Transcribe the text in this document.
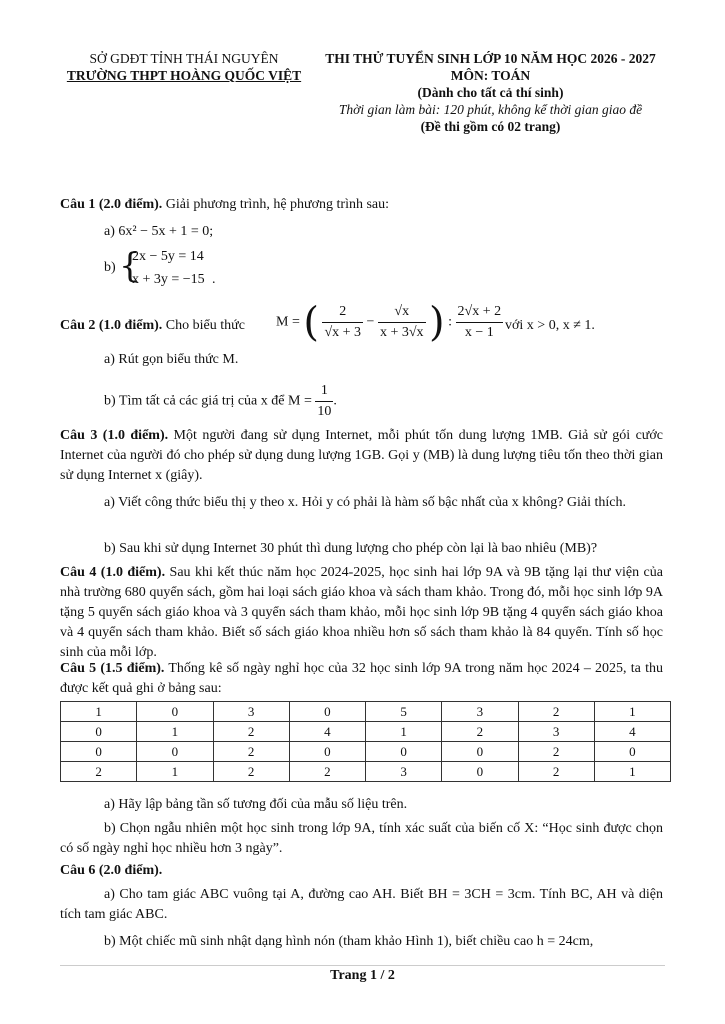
SỞ GDĐT TỈNH THÁI NGUYÊN
TRƯỜNG THPT HOÀNG QUỐC VIỆT
THI THỬ TUYỂN SINH LỚP 10 NĂM HỌC 2026 - 2027
MÔN: TOÁN
(Dành cho tất cả thí sinh)
Thời gian làm bài: 120 phút, không kể thời gian giao đề
(Đề thi gồm có 02 trang)
Câu 1 (2.0 điểm). Giải phương trình, hệ phương trình sau:
a) 6x² − 5x + 1 = 0;
b) {
2x − 5y = 14
x + 3y = −15 .
Câu 2 (1.0 điểm). Cho biểu thức M = ( $\frac{2}{√x + 3} - \frac{√x}{x + 3√x}$ ) : $\frac{2√x + 2}{x - 1}$ với x > 0, x ≠ 1.
a) Rút gọn biểu thức M.
b) Tìm tất cả các giá trị của x để $M = \frac{1}{10}$ .
Câu 3 (1.0 điểm). Một người đang sử dụng Internet, mỗi phút tốn dung lượng 1MB. Giả sử gói cước Internet của người đó cho phép sử dụng dung lượng 1GB. Gọi y (MB) là dung lượng tiêu tốn theo thời gian sử dụng Internet x (giây).
a) Viết công thức biểu thị y theo x. Hỏi y có phải là hàm số bậc nhất của x không? Giải thích.
b) Sau khi sử dụng Internet 30 phút thì dung lượng cho phép còn lại là bao nhiêu (MB)?
Câu 4 (1.0 điểm). Sau khi kết thúc năm học 2024-2025, học sinh hai lớp 9A và 9B tặng lại thư viện của nhà trường 680 quyển sách, gồm hai loại sách giáo khoa và sách tham khảo. Trong đó, mỗi học sinh lớp 9A tặng 5 quyển sách giáo khoa và 3 quyển sách tham khảo, mỗi học sinh lớp 9B tặng 4 quyển sách giáo khoa và 4 quyển sách tham khảo. Biết số sách giáo khoa nhiều hơn số sách tham khảo là 84 quyển. Tính số học sinh của mỗi lớp.
Câu 5 (1.5 điểm). Thống kê số ngày nghỉ học của 32 học sinh lớp 9A trong năm học 2024 – 2025, ta thu được kết quả ghi ở bảng sau:
1	0	3	0	5	3	2	1
0	1	2	4	1	2	3	4
0	0	2	0	0	0	2	0
2	1	2	2	3	0	2	1
a) Hãy lập bảng tần số tương đối của mẫu số liệu trên.
b) Chọn ngẫu nhiên một học sinh trong lớp 9A, tính xác suất của biến cố X: “Học sinh được chọn có số ngày nghỉ học nhiều hơn 3 ngày”.
Câu 6 (2.0 điểm).
a) Cho tam giác ABC vuông tại A, đường cao AH. Biết BH = 3CH = 3cm. Tính BC, AH và diện tích tam giác ABC.
b) Một chiếc mũ sinh nhật dạng hình nón (tham khảo Hình 1), biết chiều cao h = 24cm,
Trang 1 / 2
